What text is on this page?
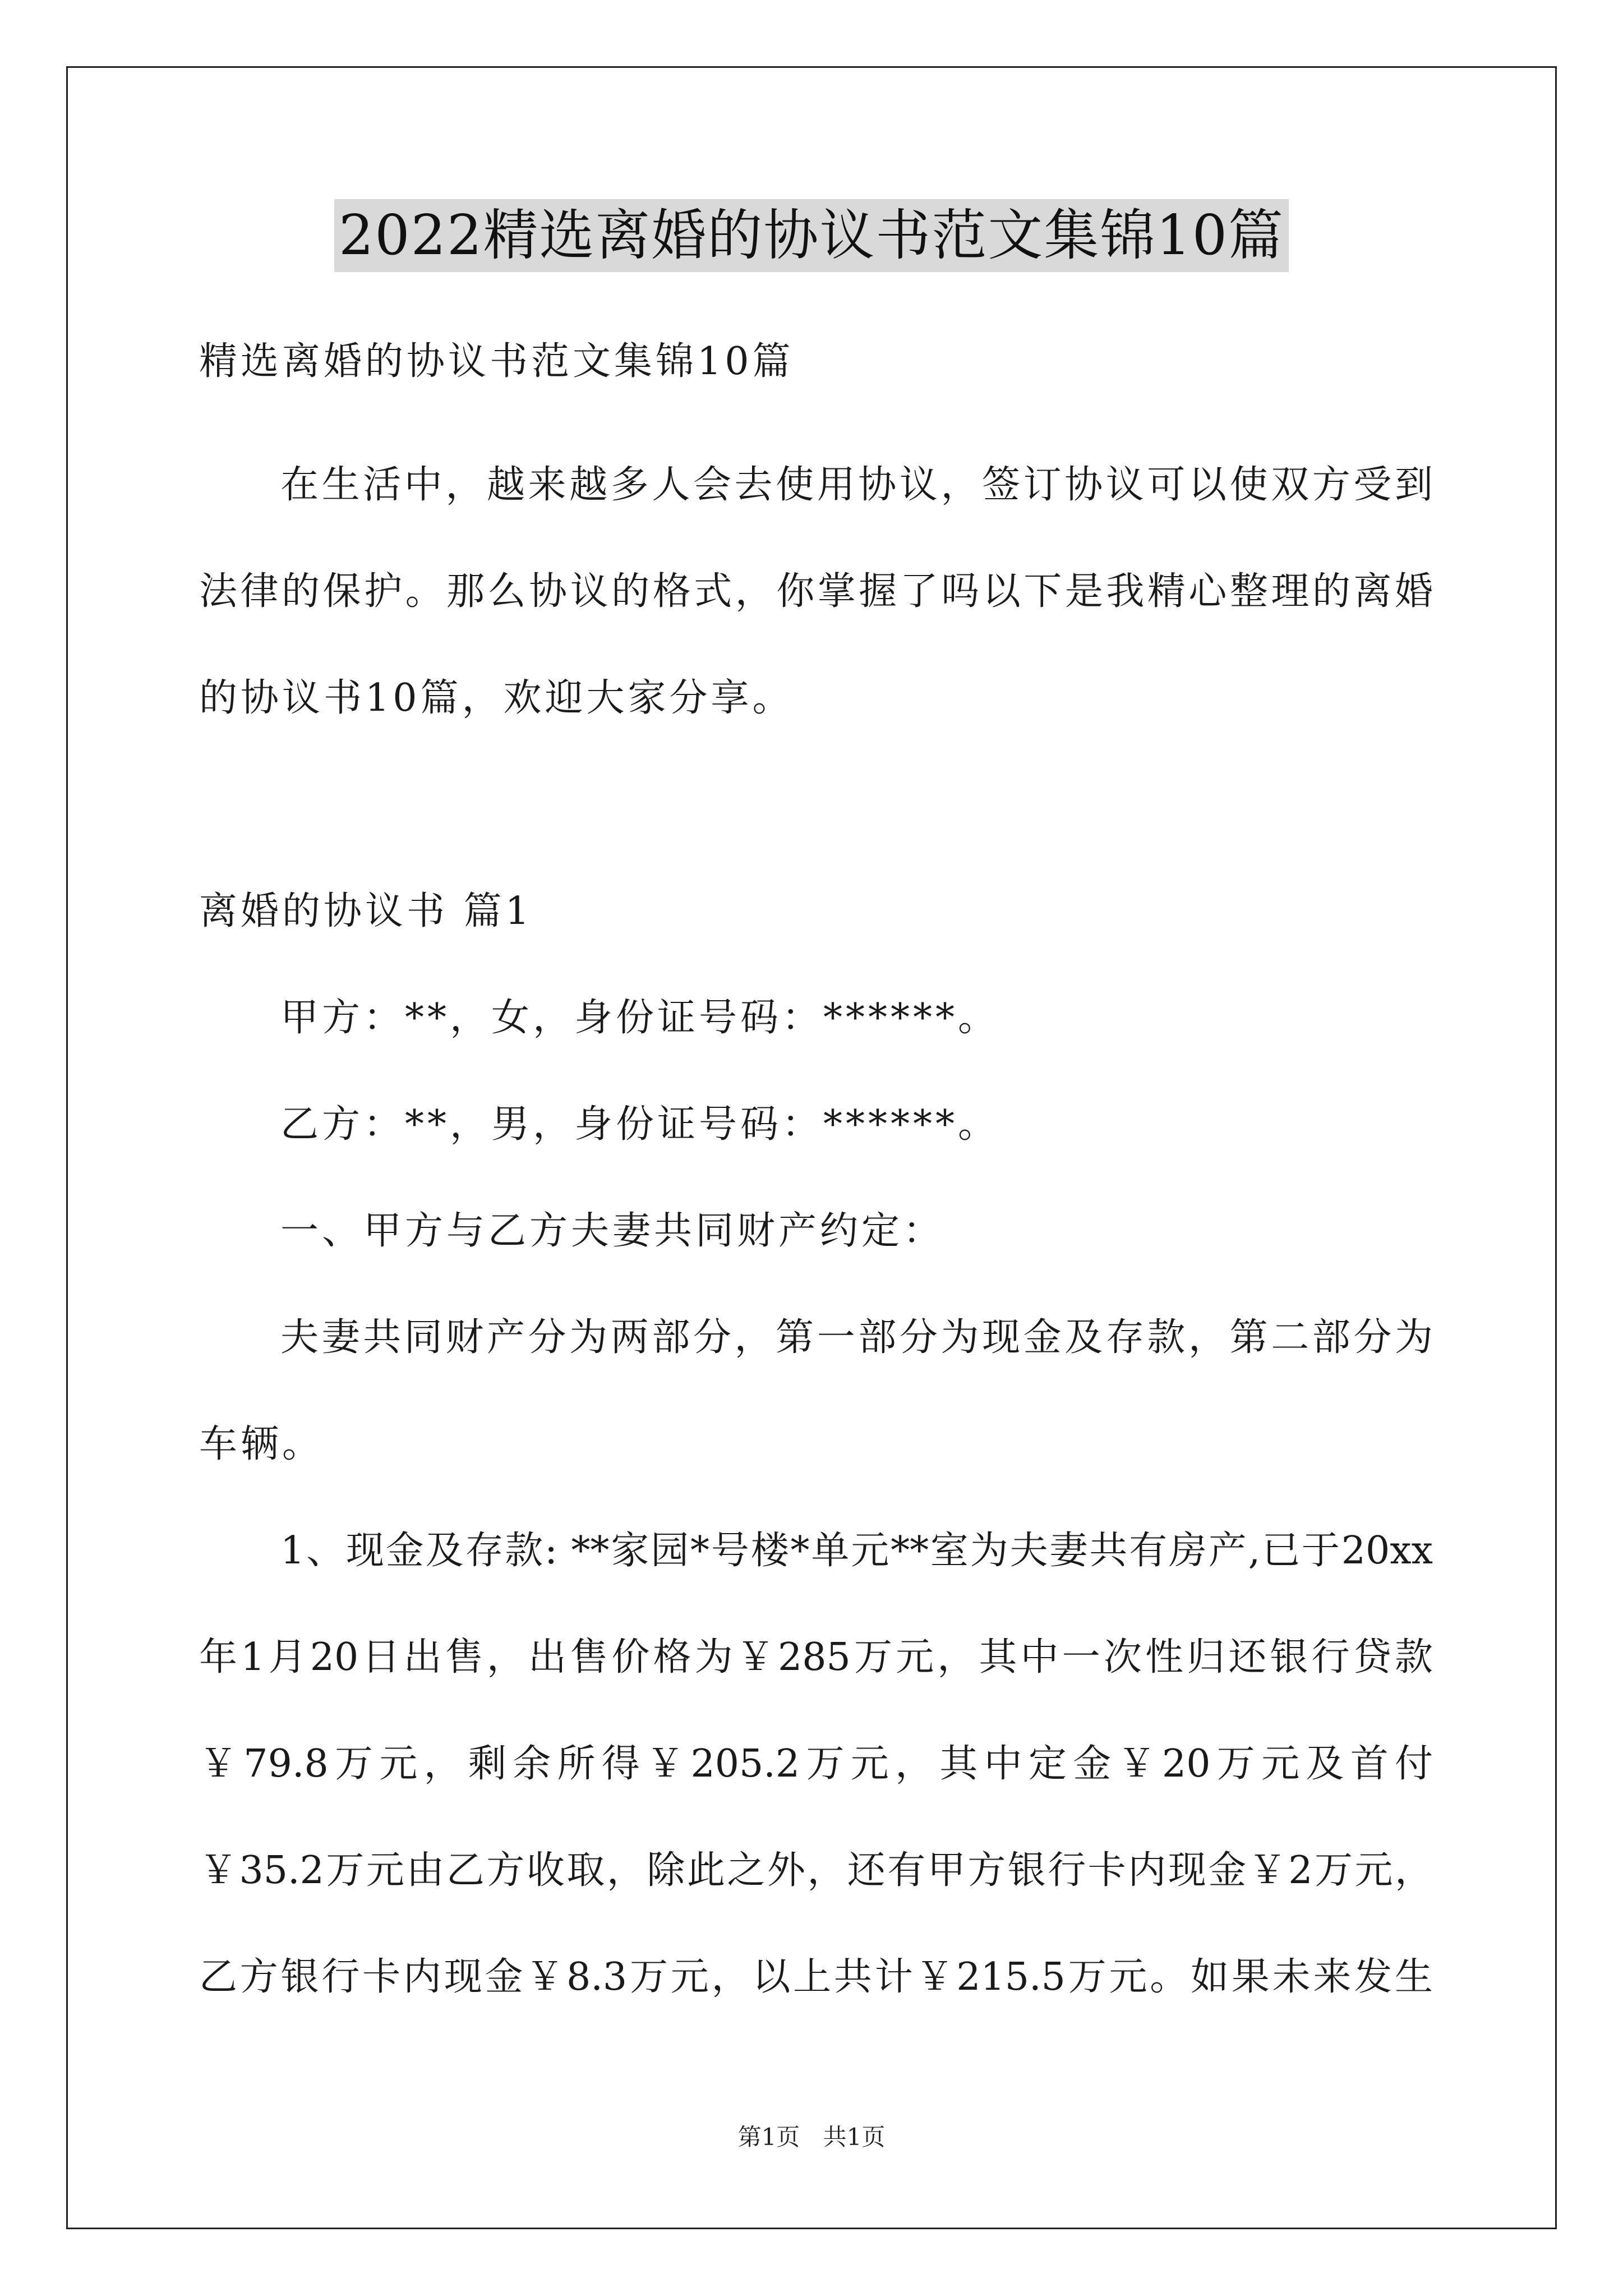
2022精选离婚的协议书范文集锦10篇
精选离婚的协议书范文集锦10篇
在生活中，越来越多人会去使用协议，签订协议可以使双方受到
法律的保护。那么协议的格式，你掌握了吗以下是我精心整理的离婚
的协议书10篇，欢迎大家分享。
离婚的协议书 篇1
甲方：**，女，身份证号码：******。
乙方：**，男，身份证号码：******。
一、甲方与乙方夫妻共同财产约定：
夫妻共同财产分为两部分，第一部分为现金及存款，第二部分为
车辆。
1、现金及存款: **家园*号楼*单元**室为夫妻共有房产,已于20xx
年1月20日出售，出售价格为￥285万元，其中一次性归还银行贷款
￥79.8万元，剩余所得￥205.2万元，其中定金￥20万元及首付
￥35.2万元由乙方收取，除此之外，还有甲方银行卡内现金￥2万元，
乙方银行卡内现金￥8.3万元，以上共计￥215.5万元。如果未来发生
第1页 共1页
